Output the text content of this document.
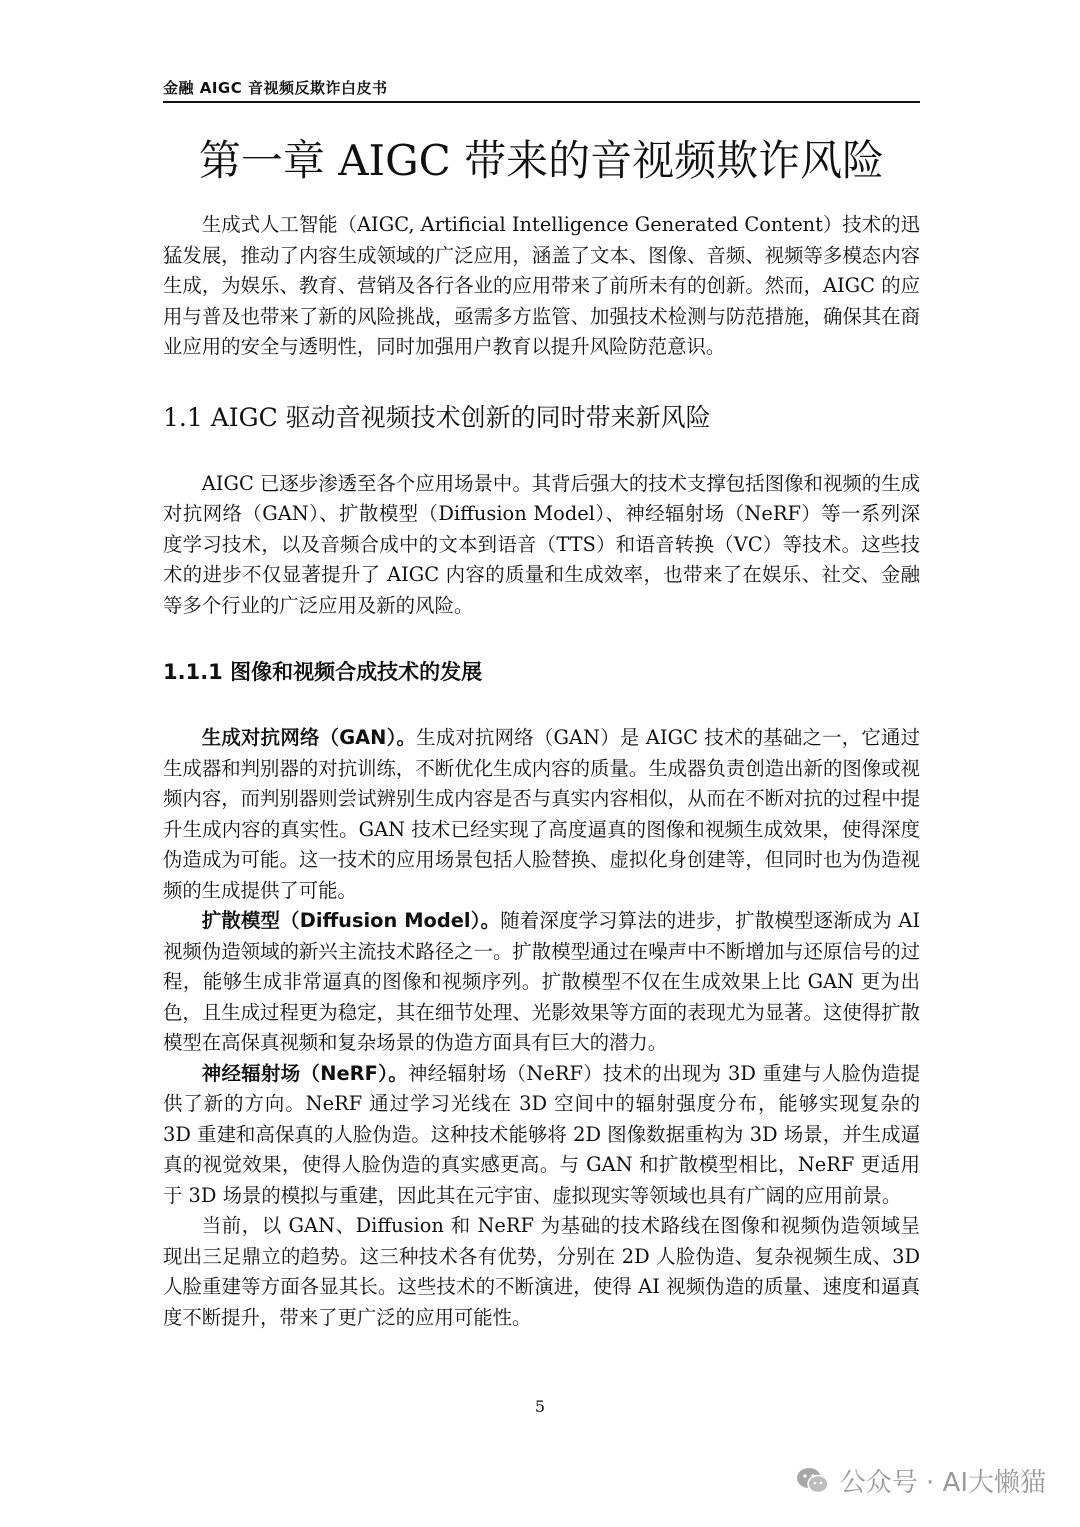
金融 AIGC 音视频反欺诈白皮书
第一章 AIGC 带来的音视频欺诈风险

生成式人工智能（AIGC, Artificial Intelligence Generated Content）技术的迅猛发展，推动了内容生成领域的广泛应用，涵盖了文本、图像、音频、视频等多模态内容生成，为娱乐、教育、营销及各行各业的应用带来了前所未有的创新。然而，AIGC 的应用与普及也带来了新的风险挑战，亟需多方监管、加强技术检测与防范措施，确保其在商业应用的安全与透明性，同时加强用户教育以提升风险防范意识。

1.1 AIGC 驱动音视频技术创新的同时带来新风险

AIGC 已逐步渗透至各个应用场景中。其背后强大的技术支撑包括图像和视频的生成对抗网络（GAN）、扩散模型（Diffusion Model）、神经辐射场（NeRF）等一系列深度学习技术，以及音频合成中的文本到语音（TTS）和语音转换（VC）等技术。这些技术的进步不仅显著提升了 AIGC 内容的质量和生成效率，也带来了在娱乐、社交、金融等多个行业的广泛应用及新的风险。

1.1.1 图像和视频合成技术的发展

生成对抗网络（GAN）。生成对抗网络（GAN）是 AIGC 技术的基础之一，它通过生成器和判别器的对抗训练，不断优化生成内容的质量。生成器负责创造出新的图像或视频内容，而判别器则尝试辨别生成内容是否与真实内容相似，从而在不断对抗的过程中提升生成内容的真实性。GAN 技术已经实现了高度逼真的图像和视频生成效果，使得深度伪造成为可能。这一技术的应用场景包括人脸替换、虚拟化身创建等，但同时也为伪造视频的生成提供了可能。

扩散模型（Diffusion Model）。随着深度学习算法的进步，扩散模型逐渐成为 AI 视频伪造领域的新兴主流技术路径之一。扩散模型通过在噪声中不断增加与还原信号的过程，能够生成非常逼真的图像和视频序列。扩散模型不仅在生成效果上比 GAN 更为出色，且生成过程更为稳定，其在细节处理、光影效果等方面的表现尤为显著。这使得扩散模型在高保真视频和复杂场景的伪造方面具有巨大的潜力。

神经辐射场（NeRF）。神经辐射场（NeRF）技术的出现为 3D 重建与人脸伪造提供了新的方向。NeRF 通过学习光线在 3D 空间中的辐射强度分布，能够实现复杂的 3D 重建和高保真的人脸伪造。这种技术能够将 2D 图像数据重构为 3D 场景，并生成逼真的视觉效果，使得人脸伪造的真实感更高。与 GAN 和扩散模型相比，NeRF 更适用于 3D 场景的模拟与重建，因此其在元宇宙、虚拟现实等领域也具有广阔的应用前景。

当前，以 GAN、Diffusion 和 NeRF 为基础的技术路线在图像和视频伪造领域呈现出三足鼎立的趋势。这三种技术各有优势，分别在 2D 人脸伪造、复杂视频生成、3D 人脸重建等方面各显其长。这些技术的不断演进，使得 AI 视频伪造的质量、速度和逼真度不断提升，带来了更广泛的应用可能性。

5
公众号 · AI大懒猫
